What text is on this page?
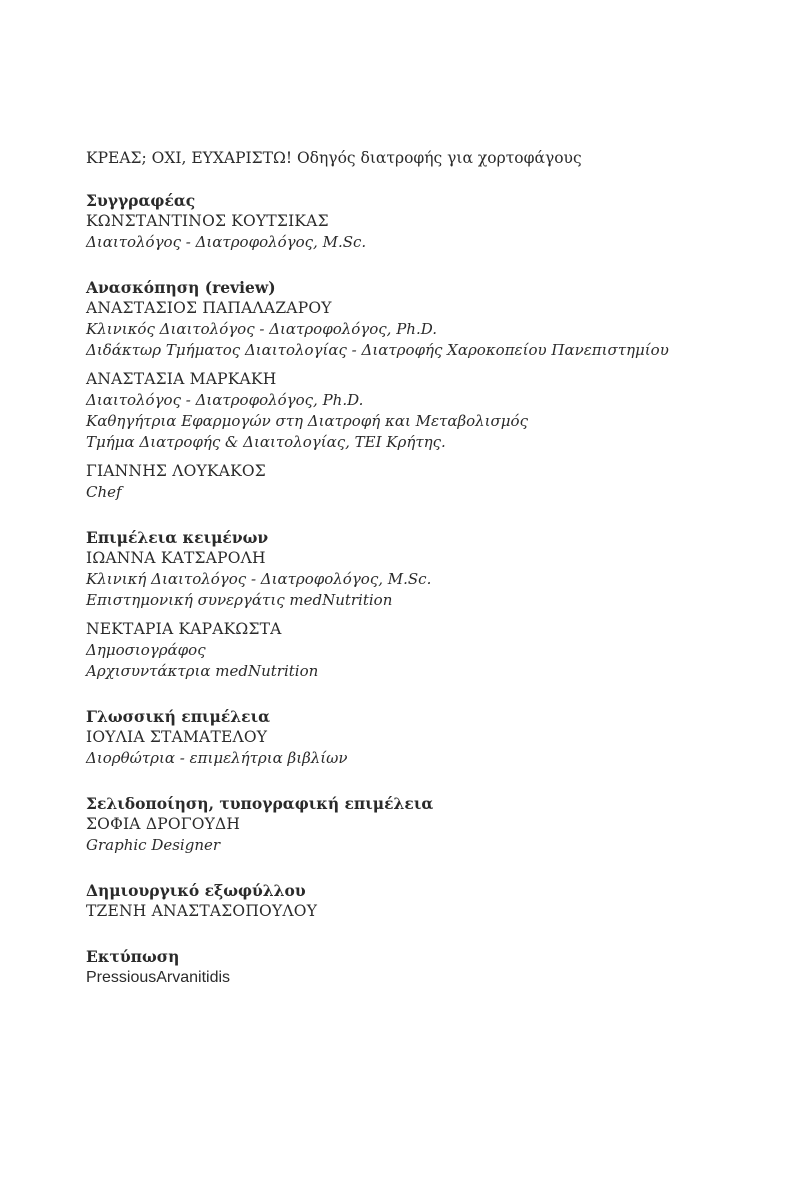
ΚΡΕΑΣ; ΟΧΙ, ΕΥΧΑΡΙΣΤΩ! Οδηγός διατροφής για χορτοφάγους
Συγγραφέας
ΚΩΝΣΤΑΝΤΙΝΟΣ ΚΟΥΤΣΙΚΑΣ
Διαιτολόγος - Διατροφολόγος, M.Sc.
Ανασκόπηση (review)
ΑΝΑΣΤΑΣΙΟΣ ΠΑΠΑΛΑΖΑΡΟΥ
Κλινικός Διαιτολόγος - Διατροφολόγος, Ph.D.
Διδάκτωρ Τμήματος Διαιτολογίας - Διατροφής Χαροκοπείου Πανεπιστημίου
ΑΝΑΣΤΑΣΙΑ ΜΑΡΚΑΚΗ
Διαιτολόγος - Διατροφολόγος, Ph.D.
Καθηγήτρια Εφαρμογών στη Διατροφή και Μεταβολισμός
Τμήμα Διατροφής & Διαιτολογίας, ΤΕΙ Κρήτης.
ΓΙΑΝΝΗΣ ΛΟΥΚΑΚΟΣ
Chef
Επιμέλεια κειμένων
ΙΩΑΝΝΑ ΚΑΤΣΑΡΟΛΗ
Κλινική Διαιτολόγος - Διατροφολόγος, M.Sc.
Επιστημονική συνεργάτις medNutrition
ΝΕΚΤΑΡΙΑ ΚΑΡΑΚΩΣΤΑ
Δημοσιογράφος
Αρχισυντάκτρια medNutrition
Γλωσσική επιμέλεια
ΙΟΥΛΙΑ ΣΤΑΜΑΤΕΛΟΥ
Διορθώτρια - επιμελήτρια βιβλίων
Σελιδοποίηση, τυπογραφική επιμέλεια
ΣΟΦΙΑ ΔΡΟΓΟΥΔΗ
Graphic Designer
Δημιουργικό εξωφύλλου
ΤΖΕΝΗ ΑΝΑΣΤΑΣΟΠΟΥΛΟΥ
Εκτύπωση
PressiousArvanitidis
